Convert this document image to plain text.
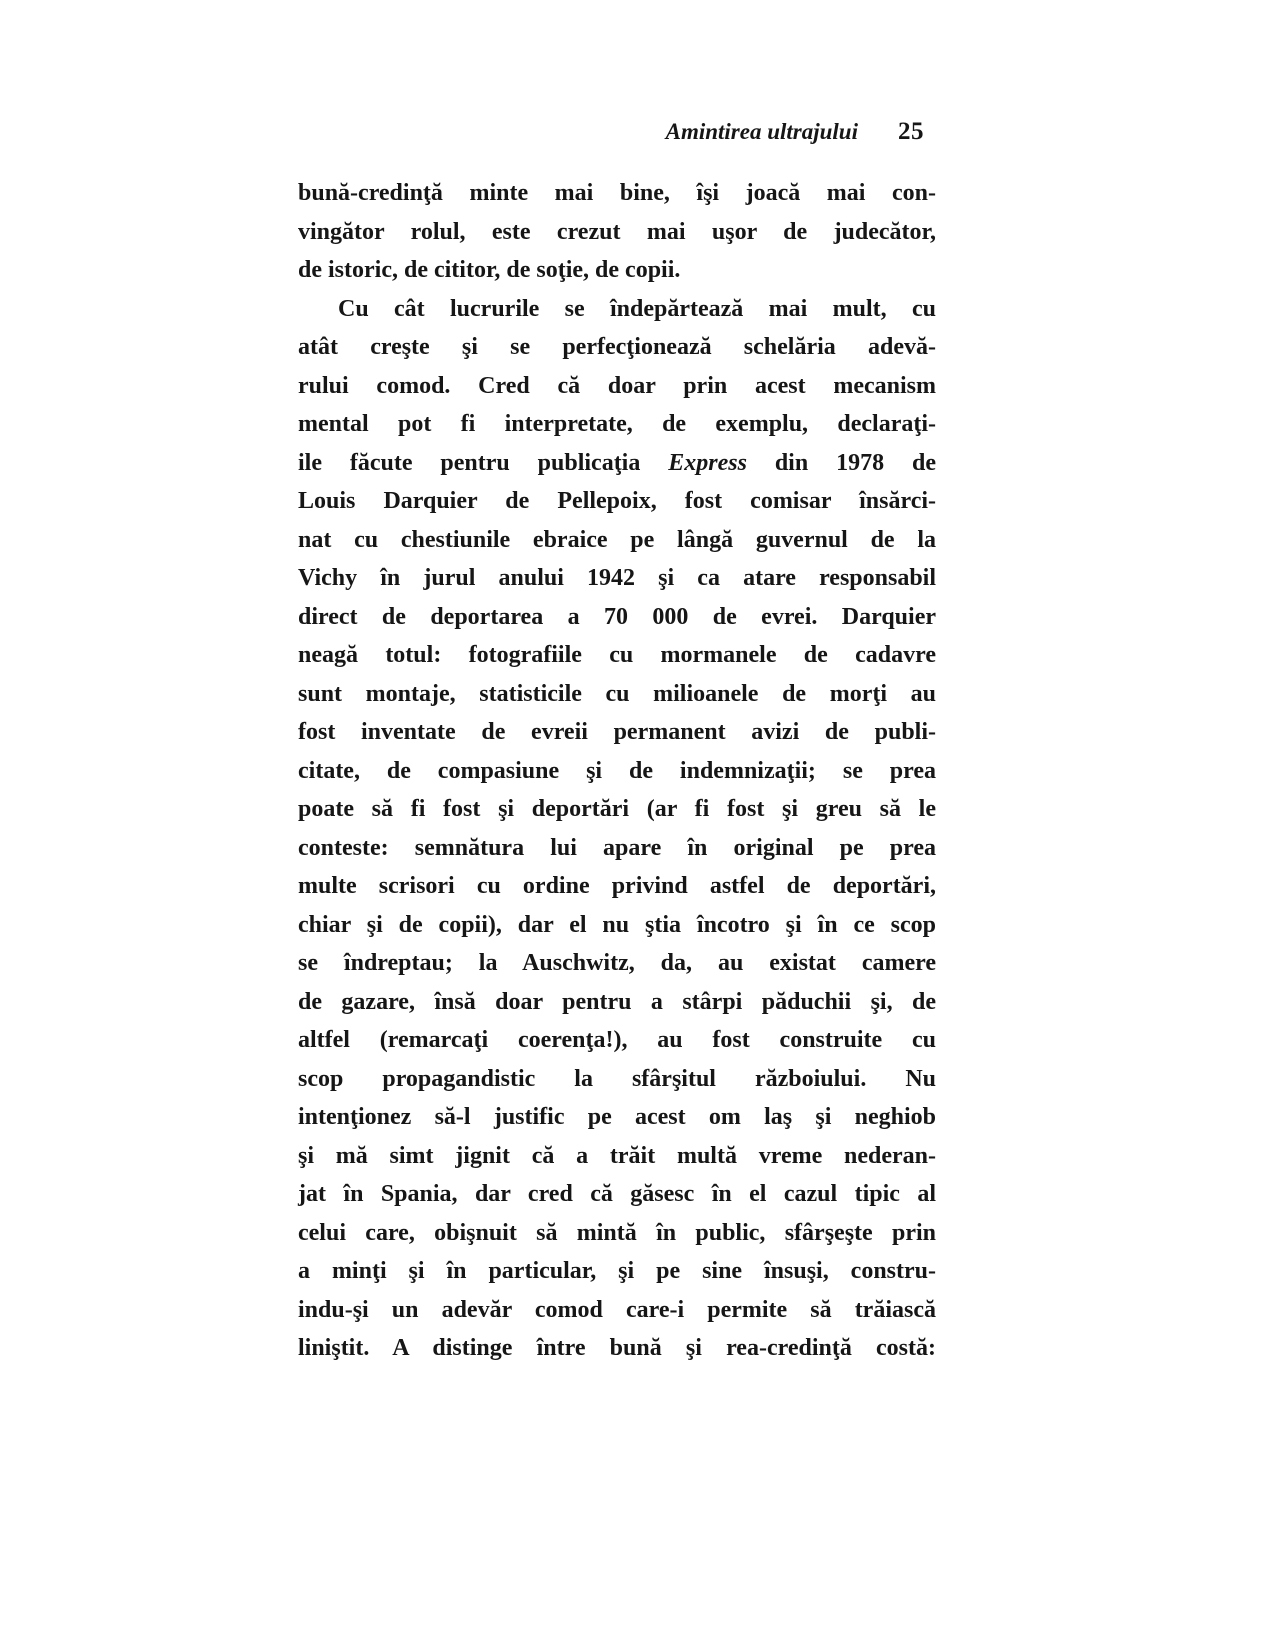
Amintirea ultrajului 25
bună-credinţă minte mai bine, îşi joacă mai con-
vingător rolul, este crezut mai uşor de judecător,
de istoric, de cititor, de soţie, de copii.
Cu cât lucrurile se îndepărtează mai mult, cu
atât creşte şi se perfecţionează schelăria adevă-
rului comod. Cred că doar prin acest mecanism
mental pot fi interpretate, de exemplu, declaraţi-
ile făcute pentru publicaţia Express din 1978 de
Louis Darquier de Pellepoix, fost comisar însărci-
nat cu chestiunile ebraice pe lângă guvernul de la
Vichy în jurul anului 1942 şi ca atare responsabil
direct de deportarea a 70 000 de evrei. Darquier
neagă totul: fotografiile cu mormanele de cadavre
sunt montaje, statisticile cu milioanele de morţi au
fost inventate de evreii permanent avizi de publi-
citate, de compasiune şi de indemnizaţii; se prea
poate să fi fost şi deportări (ar fi fost şi greu să le
conteste: semnătura lui apare în original pe prea
multe scrisori cu ordine privind astfel de deportări,
chiar şi de copii), dar el nu ştia încotro şi în ce scop
se îndreptau; la Auschwitz, da, au existat camere
de gazare, însă doar pentru a stârpi păduchii şi, de
altfel (remarcaţi coerenţa!), au fost construite cu
scop propagandistic la sfârşitul războiului. Nu
intenţionez să-l justific pe acest om laş şi neghiob
şi mă simt jignit că a trăit multă vreme nederan-
jat în Spania, dar cred că găsesc în el cazul tipic al
celui care, obişnuit să mintă în public, sfârşeşte prin
a minţi şi în particular, şi pe sine însuşi, constru-
indu-şi un adevăr comod care-i permite să trăiască
liniştit. A distinge între bună şi rea-credinţă costă:
